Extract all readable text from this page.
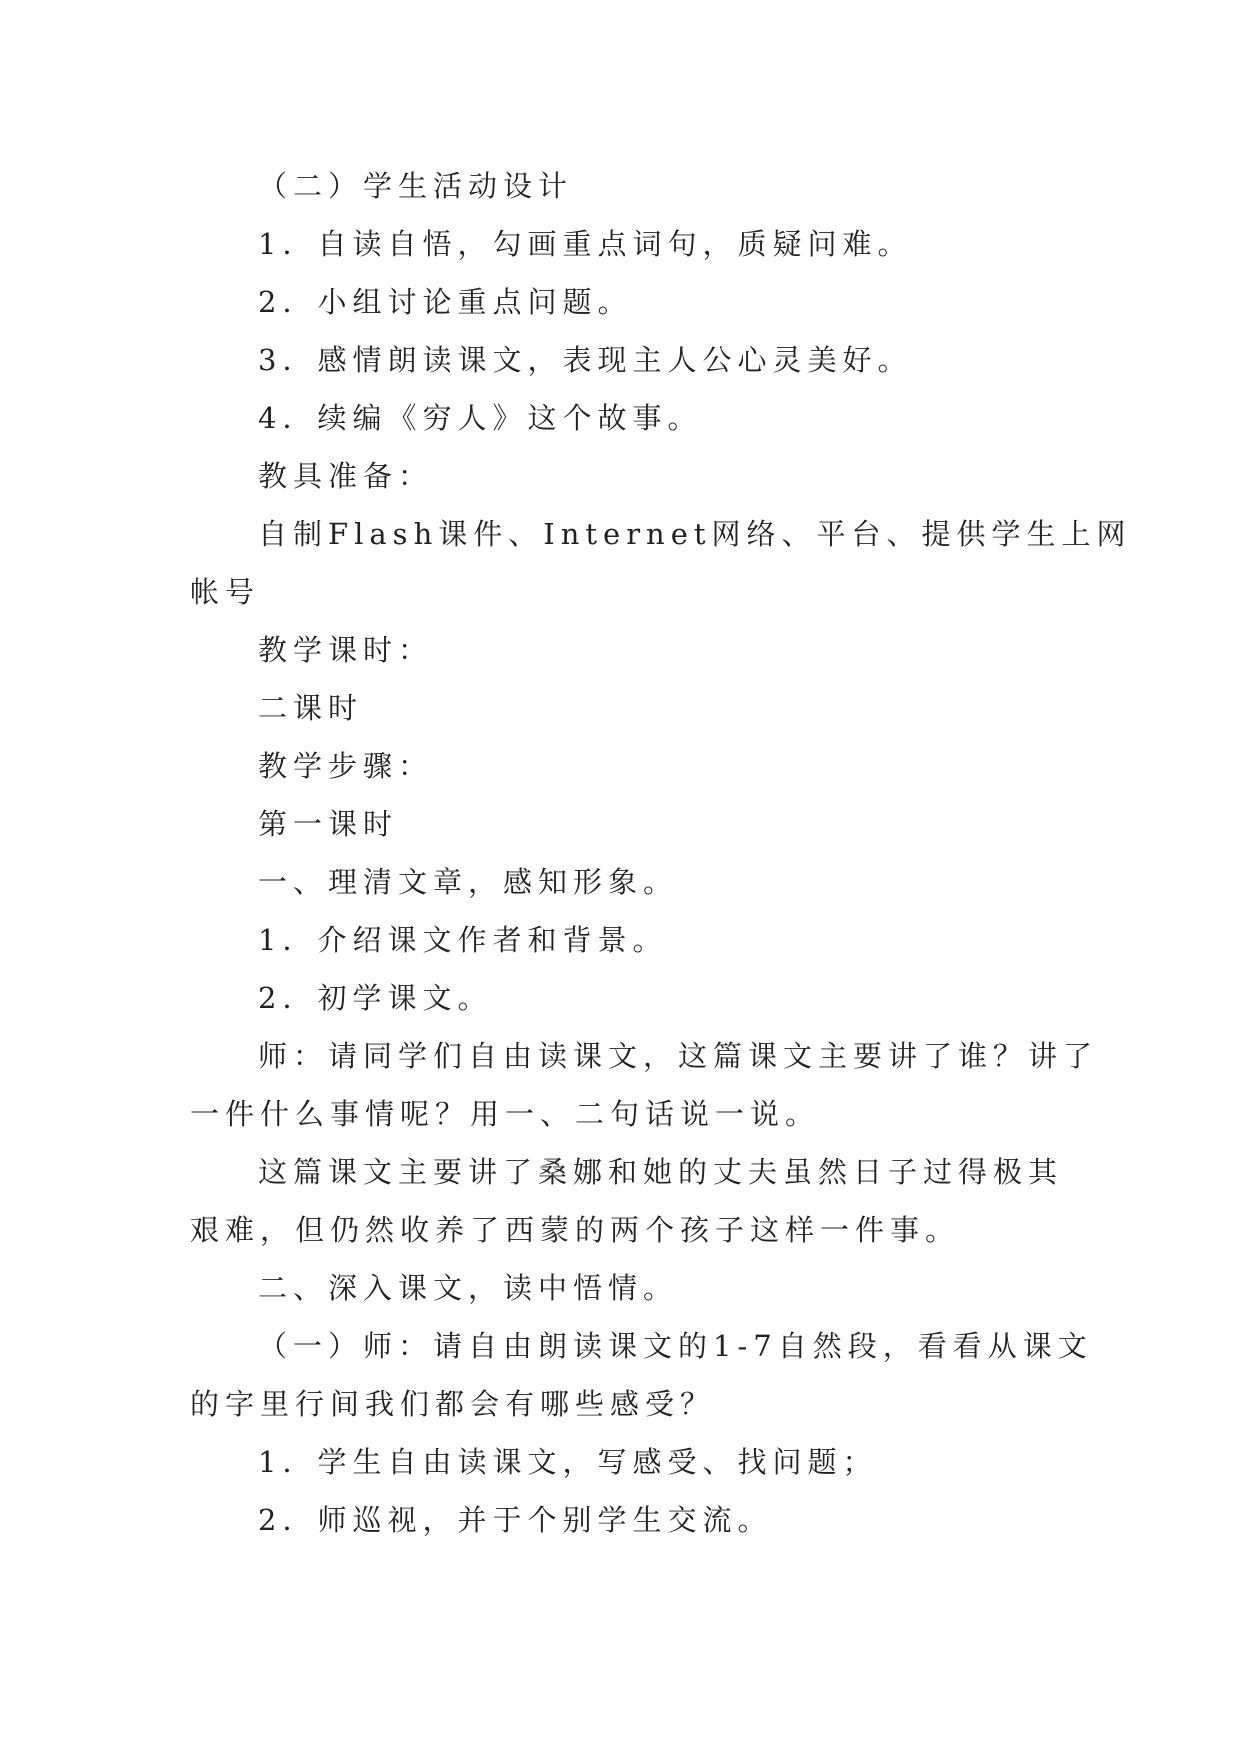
（二）学生活动设计
1．自读自悟，勾画重点词句，质疑问难。
2．小组讨论重点问题。
3．感情朗读课文，表现主人公心灵美好。
4．续编《穷人》这个故事。
教具准备：
自制Flash课件、Internet网络、平台、提供学生上网
帐号
教学课时：
二课时
教学步骤：
第一课时
一、理清文章，感知形象。
1．介绍课文作者和背景。
2．初学课文。
师：请同学们自由读课文，这篇课文主要讲了谁？讲了
一件什么事情呢？用一、二句话说一说。
这篇课文主要讲了桑娜和她的丈夫虽然日子过得极其
艰难，但仍然收养了西蒙的两个孩子这样一件事。
二、深入课文，读中悟情。
（一）师：请自由朗读课文的1-7自然段，看看从课文
的字里行间我们都会有哪些感受？
1．学生自由读课文，写感受、找问题；
2．师巡视，并于个别学生交流。
